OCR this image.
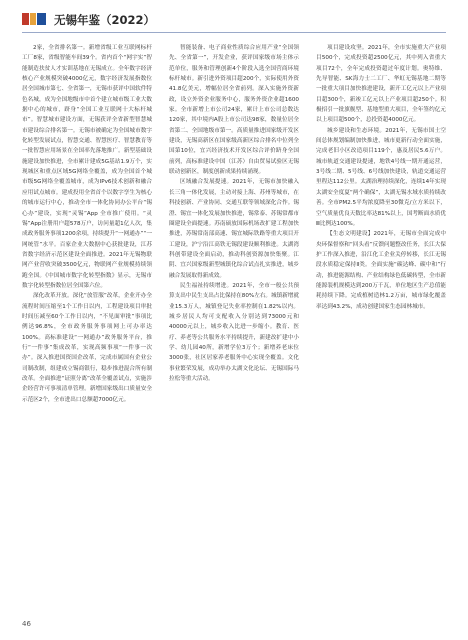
无锡年鉴（2022）

2家，全省排名第一。新增省级工业互联网标杆工厂8家，省级智能车间39个。省内首个“网宇实”智能制造扶贫人才实训基地在无锡成立。全年数字经济核心产业规模突破4000亿元，数字经济发展指数位居全国城市第七、全省第一，无锡市获评中国软件特色名城，成为全国地级市中首个建立城市级工业大数据中心的城市，跻身“全国工业互联网十大标杆城市”。智慧城市建设方面，无锡获评全省新型智慧城市建设综合排名第一。无锡市被确定为全国城市数字化转型发展试点，智慧交通、智慧医疗、智慧教育等一批智慧应用场景在全国率先落地推广。新型基础设施建设加快推进，全市累计建成5G基站1.9万个，实现城区和重点区域5G网络全覆盖，成为全国首个城市级5G网络全覆盖城市，成为IPv6技术创新和融合应用试点城市。建成投用全省首个以数字孪生为核心的城市运行中心，推动全市一体化协同办公平台“锡心办”建设，实现“灵锡”App 全市推广使用。“灵锡”App注册用户超578万户，访问量超1亿人次，集成政务服务事项1200余项，持续提升“一网通办”“一网统管”水平。百家企业大数据中心获批建设，江苏省数字经济示范区建设全面推进。2021年无锡物联网产业营收突破3500亿元，物联网产业规模持续领跑全国。《中国城市数字化转型指数》显示，无锡市数字化转型指数位居全国第六位。

深化改革开放。深化“放管服”改革，企业开办全流程时间压缩至1个工作日以内，工程建设项目审批时间压减至60个工作日以内，“不见面审批”事项比例达96.8%，全市政务服务事项网上可办率达100%。高标准建设“一网通办”政务服务平台，推行“一件事”集成改革，实现高频事项“一件事一次办”。深入推进国资国企改革，完成市属国有企业公司制改制，组建成立锡商银行，稳步推进混合所有制改革。全面推进“证照分离”改革全覆盖试点，实施涉企经营许可事项清单管理。新增国家级出口质量安全示范区2个，全市进出口总额超7000亿元。

智能装备、电子商业性质综合应用产业“全国领先、全省第一”，开发企业，获评国家级市场主体示范单位，服务和管理创新4个阶段入选全国营商环境标杆城市。新引进外资项目超200个，实际使用外资41.8亿美元，增幅位居全省前列。深入实施外资新政，设立外资企业服务中心，服务外资企业超1600家。全市新增上市公司24家，累计上市公司总数达120家，其中境内A股上市公司达98家，数量位居全省第二、全国地级市第一。高质量推进国家级开发区建设，无锡高新区在国家级高新区综合排名中位列全国第10位，宜兴经济技术开发区综合评价跻身全国前列，高标准建设中国（江苏）自由贸易试验区无锡联动创新区，制度创新成果持续涌现。

区域融合发展提速。2021年，无锡市加快融入长三角一体化发展，主动对接上海、苏州等城市，在科技创新、产业协同、交通互联等领域深化合作。锡澄、锡宜一体化发展加快推进，锡常泰、苏锡常都市圈建设全面提速。苏南硕放国际机场改扩建工程加快推进，苏锡常南部高速、锡宜城际铁路等重大项目开工建设，沪宁沿江高铁无锡段建设顺利推进。太湖湾科创带建设全面启动，推动科创资源加快集聚。江阴、宜兴国家级新型城镇化综合试点扎实推进，城乡融合发展取得新成效。

民生福祉持续增进。2021年，全市一般公共预算支出中民生支出占比保持在80%左右。城镇新增就业15.3万人，城镇登记失业率控制在1.82%以内。城乡居民人均可支配收入分别达到73000元和40000元以上，城乡收入比进一步缩小。教育、医疗、养老等公共服务水平持续提升，新建改扩建中小学、幼儿园40所，新增学位3万个；新增养老床位3000张，社区居家养老服务中心实现全覆盖。文化事业繁荣发展，成功举办太湖文化论坛、无锡国际马拉松等重大活动。

项目建设攻坚。2021年，全市实施重大产业项目500个，完成投资超2500亿元，其中列入省重大项目72个，全年完成投资超过年度计划。奥特维、先导智能、SK海力士二工厂、华虹无锡基地二期等一批重大项目加快推进建设，新开工亿元以上产业项目超300个，新竣工亿元以上产业项目超250个。积极招引一批旗舰型、基地型重大项目，全年签约亿元以上项目超500个，总投资超4000亿元。

城乡建设和生态环境。2021年，无锡市国土空间总体规划编制加快推进，城市更新行动全面实施，完成老旧小区改造项目119个，惠及居民5.6万户。城市轨道交通建设提速，地铁4号线一期开通运营，3号线二期、5号线、6号线加快建设，轨道交通运营里程达112公里。太湖治理持续深化，连续14年实现太湖安全度夏“两个确保”，太湖无锡水域水质持续改善。全市PM2.5平均浓度降至30微克/立方米以下，空气质量优良天数比率达81%以上，国考断面水质优Ⅲ比例达100%。

【生态文明建设】2021年，无锡市全面完成中央环保督察和“回头看”反馈问题整改任务，长江大保护工作深入推进，沿江化工企业关停转移，长江无锡段水质稳定保持Ⅱ类。全面实施“碳达峰、碳中和”行动，推进能源结构、产业结构绿色低碳转型，全市新能源装机规模达到200万千瓦，单位地区生产总值能耗持续下降。完成植树造林1.2万亩，城市绿化覆盖率达到43.2%，成功创建国家生态园林城市。

46
